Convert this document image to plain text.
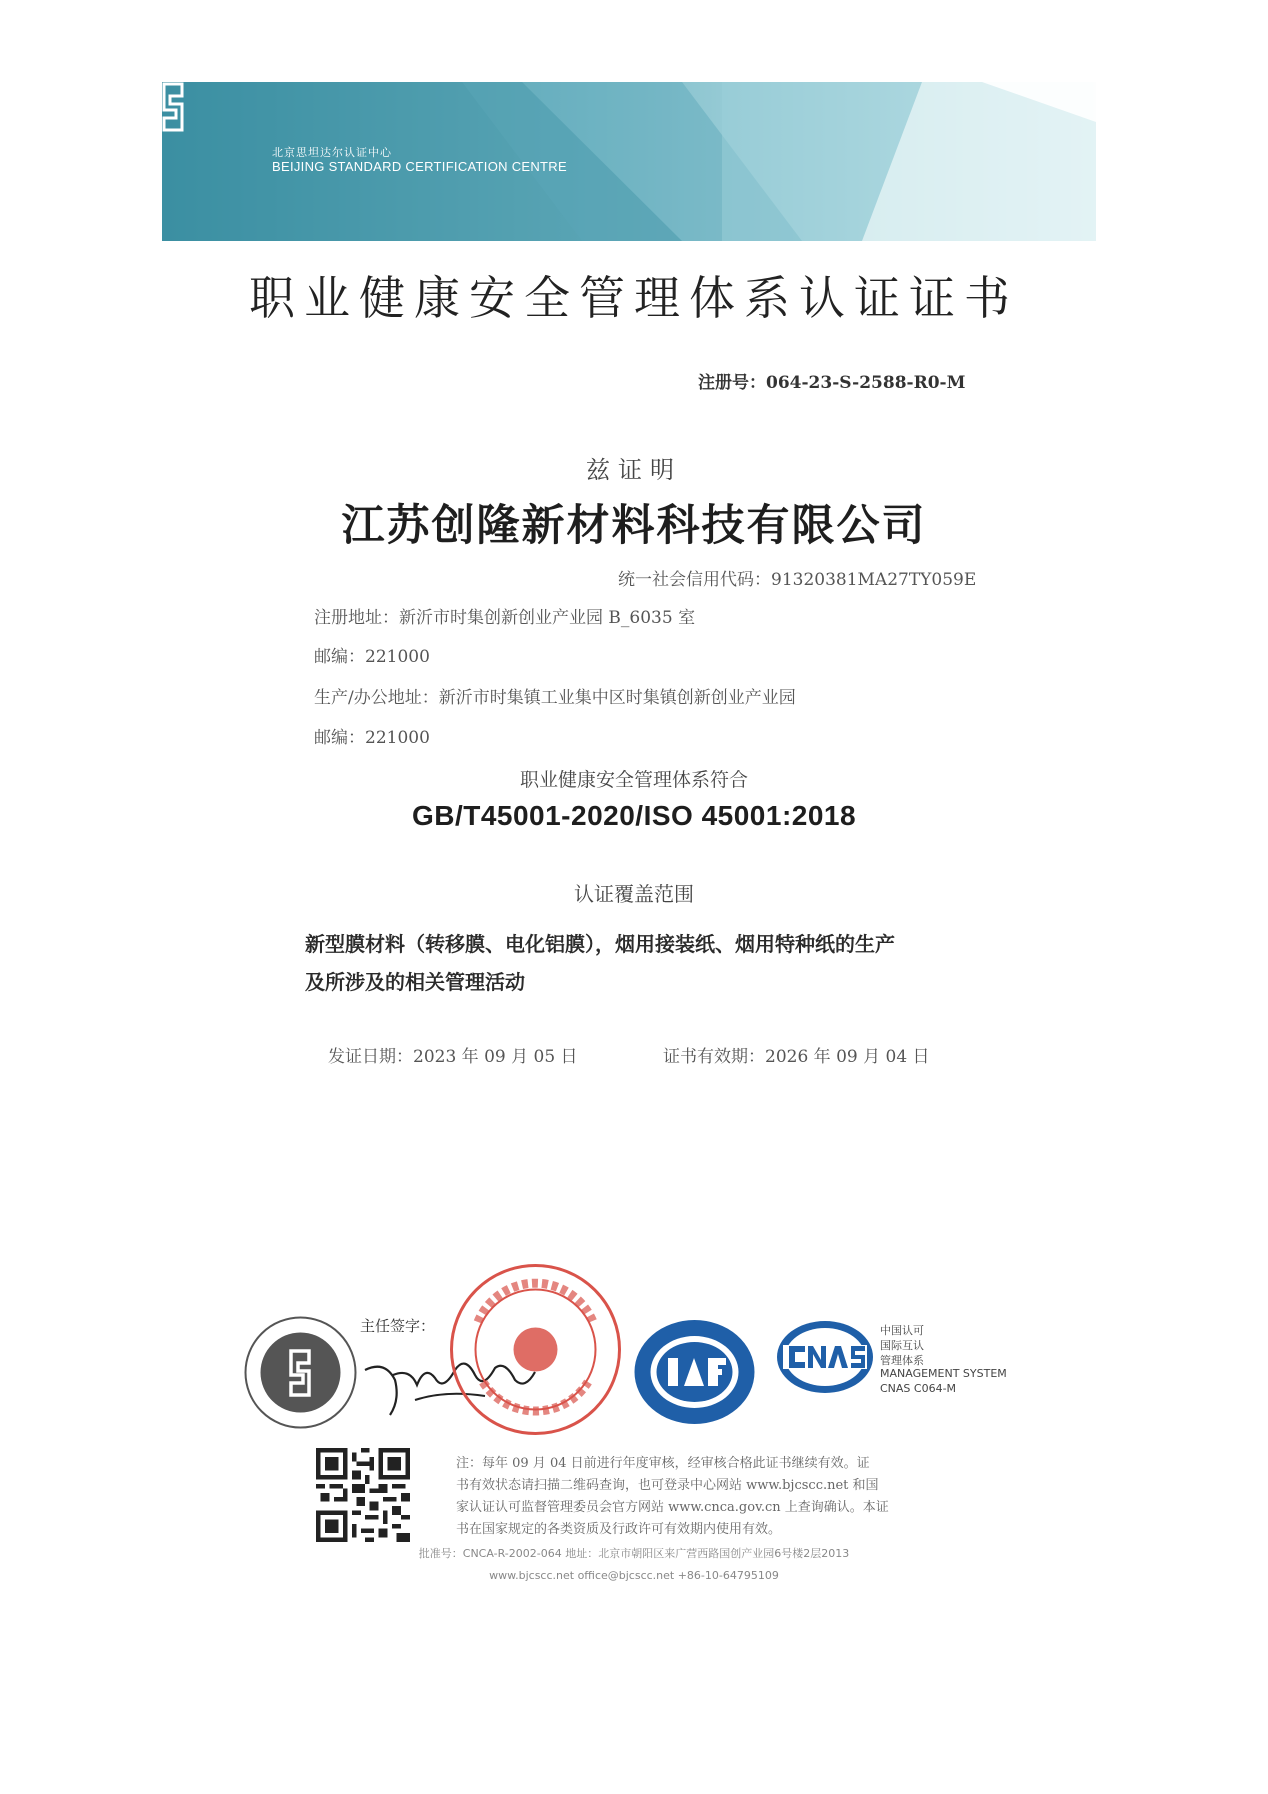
北京思坦达尔认证中心
BEIJING STANDARD CERTIFICATION CENTRE
职业健康安全管理体系认证证书
注册号：064-23-S-2588-R0-M
兹证明
江苏创隆新材料科技有限公司
统一社会信用代码：91320381MA27TY059E
注册地址：新沂市时集创新创业产业园 B_6035 室
邮编：221000
生产/办公地址：新沂市时集镇工业集中区时集镇创新创业产业园
邮编：221000
职业健康安全管理体系符合
GB/T45001-2020/ISO 45001:2018
认证覆盖范围
新型膜材料（转移膜、电化铝膜），烟用接装纸、烟用特种纸的生产
及所涉及的相关管理活动
发证日期：2023 年 09 月 05 日	证书有效期：2026 年 09 月 04 日
主任签字：	中国认可
国际互认
管理体系
MANAGEMENT SYSTEM
CNAS C064-M
注：每年 09 月 04 日前进行年度审核，经审核合格此证书继续有效。证
书有效状态请扫描二维码查询，也可登录中心网站 www.bjcscc.net 和国
家认证认可监督管理委员会官方网站 www.cnca.gov.cn 上查询确认。本证
书在国家规定的各类资质及行政许可有效期内使用有效。
批准号：CNCA-R-2002-064 地址：北京市朝阳区来广营西路国创产业园6号楼2层2013
www.bjcscc.net office@bjcscc.net +86-10-64795109
